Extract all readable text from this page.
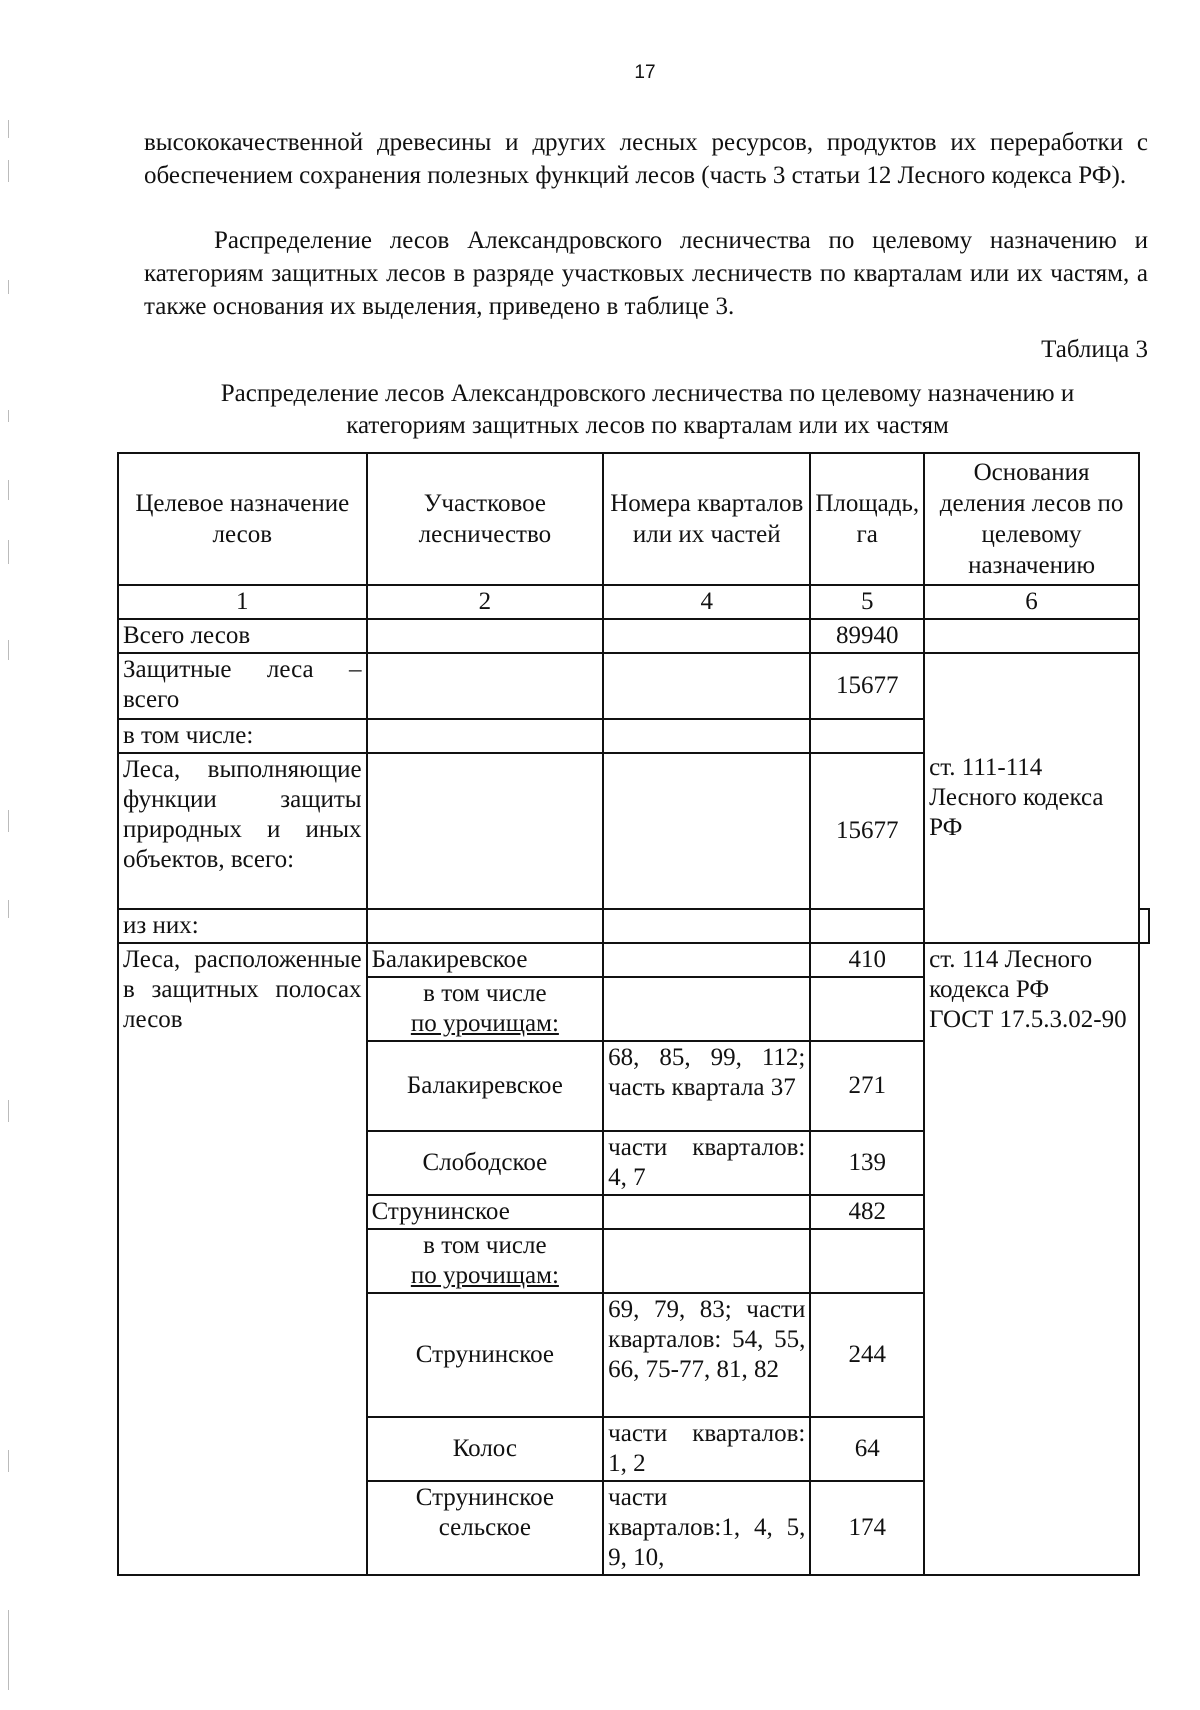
17

высококачественной древесины и других лесных ресурсов, продуктов их переработки с обеспечением сохранения полезных функций лесов (часть 3 статьи 12 Лесного кодекса РФ).

Распределение лесов Александровского лесничества по целевому назначению и категориям защитных лесов в разряде участковых лесничеств по кварталам или их частям, а также основания их выделения, приведено в таблице 3.

Таблица 3
Распределение лесов Александровского лесничества по целевому назначению и
категориям защитных лесов по кварталам или их частям
Целевое назначение лесов	Участковое лесничество	Номера кварталов или их частей	Площадь, га	Основания деления лесов по целевому назначению	
1	2	4	5	6	
Всего лесов			89940		
Защитные леса – всего			15677	ст. 111-114 Лесного кодекса РФ	
в том числе:					
Леса, выполняющие функции защиты природных и иных объектов, всего:			15677		
из них:					
Леса, расположенные в защитных полосах лесов	Балакиревское		410	ст. 114 Лесного кодекса РФ
ГОСТ 17.5.3.02-90	

	в том числе
по урочищам:				

	Балакиревское	68, 85, 99, 112; часть квартала 37	271		
	Слободское	части кварталов: 4, 7	139		
	Струнинское		482		

	в том числе
по урочищам:				

	Струнинское	69, 79, 83; части кварталов: 54, 55, 66, 75-77, 81, 82	244		
	Колос	части кварталов: 1, 2	64		
	Струнинское сельское	части кварталов:1, 4, 5, 9, 10,	174		
